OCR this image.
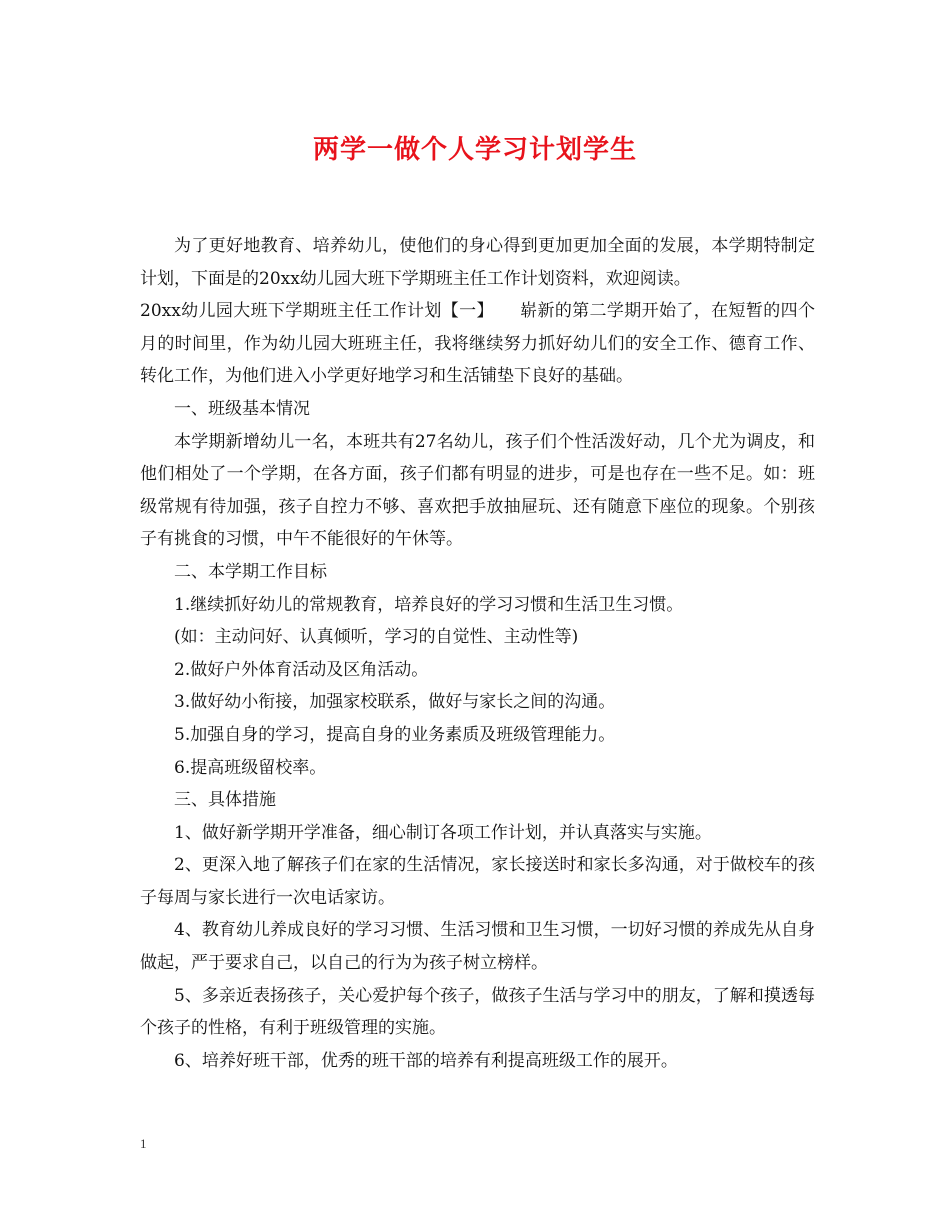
两学一做个人学习计划学生

为了更好地教育、培养幼儿，使他们的身心得到更加更加全面的发展，本学期特制定计划，下面是的20xx幼儿园大班下学期班主任工作计划资料，欢迎阅读。

20xx幼儿园大班下学期班主任工作计划【一】　　崭新的第二学期开始了，在短暂的四个月的时间里，作为幼儿园大班班主任，我将继续努力抓好幼儿们的安全工作、德育工作、转化工作，为他们进入小学更好地学习和生活铺垫下良好的基础。

一、班级基本情况

本学期新增幼儿一名，本班共有27名幼儿，孩子们个性活泼好动，几个尤为调皮，和他们相处了一个学期，在各方面，孩子们都有明显的进步，可是也存在一些不足。如：班级常规有待加强，孩子自控力不够、喜欢把手放抽屉玩、还有随意下座位的现象。个别孩子有挑食的习惯，中午不能很好的午休等。

二、本学期工作目标

1.继续抓好幼儿的常规教育，培养良好的学习习惯和生活卫生习惯。

(如：主动问好、认真倾听，学习的自觉性、主动性等)

2.做好户外体育活动及区角活动。

3.做好幼小衔接，加强家校联系，做好与家长之间的沟通。

5.加强自身的学习，提高自身的业务素质及班级管理能力。

6.提高班级留校率。

三、具体措施

1、做好新学期开学准备，细心制订各项工作计划，并认真落实与实施。

2、更深入地了解孩子们在家的生活情况，家长接送时和家长多沟通，对于做校车的孩子每周与家长进行一次电话家访。

4、教育幼儿养成良好的学习习惯、生活习惯和卫生习惯，一切好习惯的养成先从自身做起，严于要求自己，以自己的行为为孩子树立榜样。

5、多亲近表扬孩子，关心爱护每个孩子，做孩子生活与学习中的朋友，了解和摸透每个孩子的性格，有利于班级管理的实施。

6、培养好班干部，优秀的班干部的培养有利提高班级工作的展开。

1
